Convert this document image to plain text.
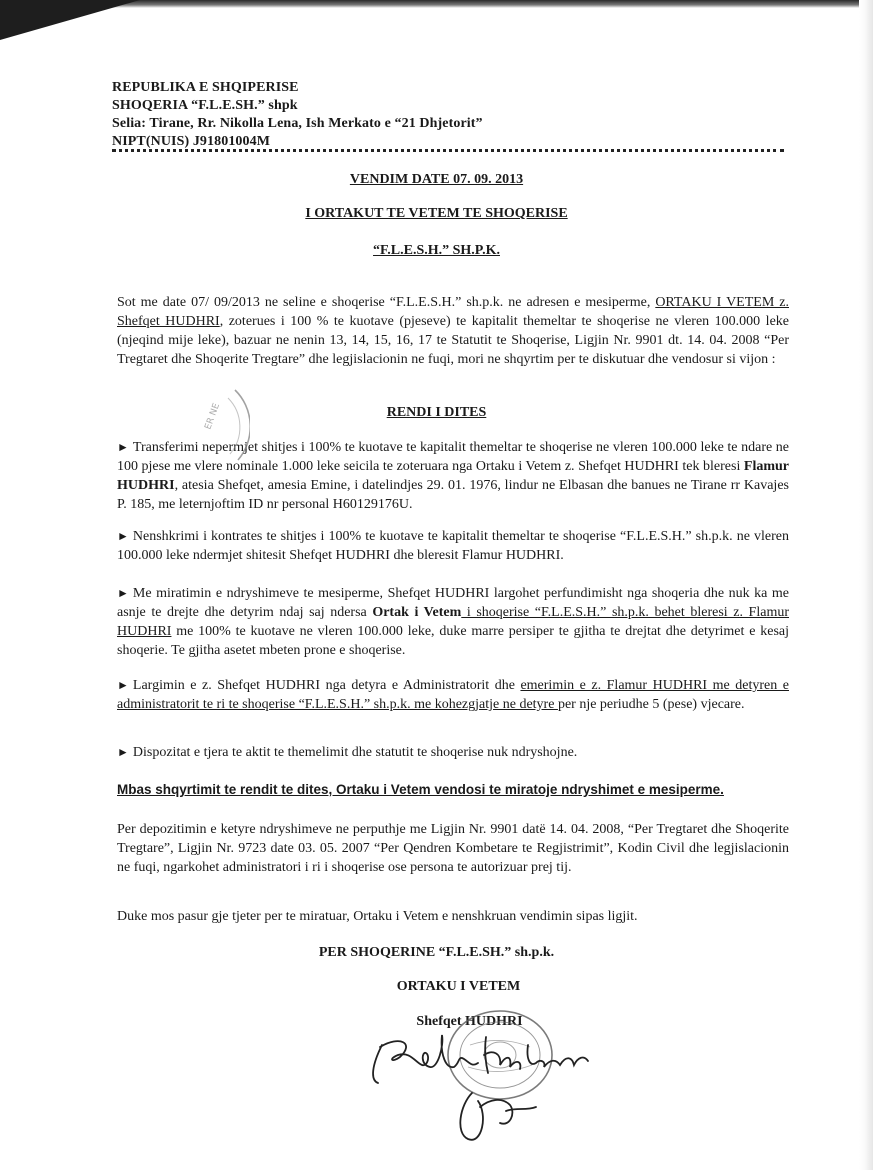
REPUBLIKA E SHQIPERISE
SHOQERIA “F.L.E.SH.” shpk
Selia: Tirane, Rr. Nikolla Lena, Ish Merkato e “21 Dhjetorit”
NIPT(NUIS) J91801004M
VENDIM DATE 07. 09. 2013
I ORTAKUT TE VETEM TE SHOQERISE
“F.L.E.S.H.” SH.P.K.

Sot me date 07/ 09/2013 ne seline e shoqerise “F.L.E.S.H.” sh.p.k. ne adresen e mesiperme, ORTAKU I VETEM z. Shefqet HUDHRI, zoterues i 100 % te kuotave (pjeseve) te kapitalit themeltar te shoqerise ne vleren 100.000 leke (njeqind mije leke), bazuar ne nenin 13, 14, 15, 16, 17 te Statutit te Shoqerise, Ligjin Nr. 9901 dt. 14. 04. 2008 “Per Tregtaret dhe Shoqerite Tregtare” dhe legjislacionin ne fuqi, mori ne shqyrtim per te diskutuar dhe vendosur si vijon :

RENDI I DITES

► Transferimi nepermjet shitjes i 100% te kuotave te kapitalit themeltar te shoqerise ne vleren 100.000 leke te ndare ne 100 pjese me vlere nominale 1.000 leke seicila te zoteruara nga Ortaku i Vetem z. Shefqet HUDHRI tek bleresi Flamur HUDHRI, atesia Shefqet, amesia Emine, i datelindjes 29. 01. 1976, lindur ne Elbasan dhe banues ne Tirane rr Kavajes P. 185, me leternjoftim ID nr personal H60129176U.

► Nenshkrimi i kontrates te shitjes i 100% te kuotave te kapitalit themeltar te shoqerise “F.L.E.S.H.” sh.p.k. ne vleren 100.000 leke ndermjet shitesit Shefqet HUDHRI dhe bleresit Flamur HUDHRI.

► Me miratimin e ndryshimeve te mesiperme, Shefqet HUDHRI largohet perfundimisht nga shoqeria dhe nuk ka me asnje te drejte dhe detyrim ndaj saj ndersa Ortak i Vetem i shoqerise “F.L.E.S.H.” sh.p.k. behet bleresi z. Flamur HUDHRI me 100% te kuotave ne vleren 100.000 leke, duke marre persiper te gjitha te drejtat dhe detyrimet e kesaj shoqerie. Te gjitha asetet mbeten prone e shoqerise.

► Largimin e z. Shefqet HUDHRI nga detyra e Administratorit dhe emerimin e z. Flamur HUDHRI me detyren e administratorit te ri te shoqerise “F.L.E.S.H.” sh.p.k. me kohezgjatje ne detyre per nje periudhe 5 (pese) vjecare.

► Dispozitat e tjera te aktit te themelimit dhe statutit te shoqerise nuk ndryshojne.

Mbas shqyrtimit te rendit te dites, Ortaku i Vetem vendosi te miratoje ndryshimet e mesiperme.

Per depozitimin e ketyre ndryshimeve ne perputhje me Ligjin Nr. 9901 datë 14. 04. 2008, “Per Tregtaret dhe Shoqerite Tregtare”, Ligjin Nr. 9723 date 03. 05. 2007 “Per Qendren Kombetare te Regjistrimit”, Kodin Civil dhe legjislacionin ne fuqi, ngarkohet administratori i ri i shoqerise ose persona te autorizuar prej tij.

Duke mos pasur gje tjeter per te miratuar, Ortaku i Vetem e nenshkruan vendimin sipas ligjit.

PER SHOQERINE “F.L.E.SH.” sh.p.k.
ORTAKU I VETEM
Shefqet HUDHRI
ER NE
